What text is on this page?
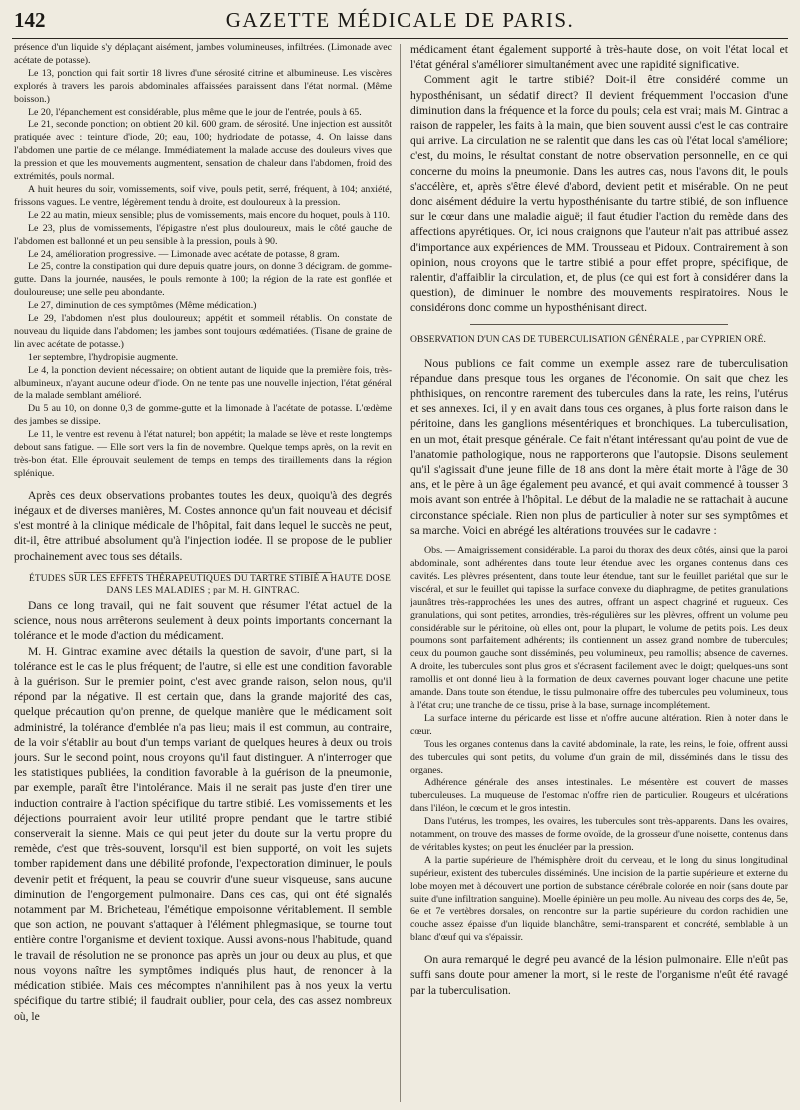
142	GAZETTE MÉDICALE DE PARIS.

présence d'un liquide s'y déplaçant aisément, jambes volumineuses, infiltrées. (Limonade avec acétate de potasse).

Le 13, ponction qui fait sortir 18 livres d'une sérosité citrine et albumineuse. Les viscères explorés à travers les parois abdominales affaissées paraissent dans l'état normal. (Même boisson.)

Le 20, l'épanchement est considérable, plus même que le jour de l'entrée, pouls à 65.

Le 21, seconde ponction; on obtient 20 kil. 600 gram. de sérosité. Une injection est aussitôt pratiquée avec : teinture d'iode, 20; eau, 100; hydriodate de potasse, 4. On laisse dans l'abdomen une partie de ce mélange. Immédiatement la malade accuse des douleurs vives que la pression et que les mouvements augmentent, sensation de chaleur dans l'abdomen, froid des extrémités, pouls normal.

A huit heures du soir, vomissements, soif vive, pouls petit, serré, fréquent, à 104; anxiété, frissons vagues. Le ventre, légèrement tendu à droite, est douloureux à la pression.

Le 22 au matin, mieux sensible; plus de vomissements, mais encore du hoquet, pouls à 110.

Le 23, plus de vomissements, l'épigastre n'est plus douloureux, mais le côté gauche de l'abdomen est ballonné et un peu sensible à la pression, pouls à 90.

Le 24, amélioration progressive. — Limonade avec acétate de potasse, 8 gram.

Le 25, contre la constipation qui dure depuis quatre jours, on donne 3 décigram. de gomme-gutte. Dans la journée, nausées, le pouls remonte à 100; la région de la rate est gonflée et douloureuse; une selle peu abondante.

Le 27, diminution de ces symptômes (Même médication.)

Le 29, l'abdomen n'est plus douloureux; appétit et sommeil rétablis. On constate de nouveau du liquide dans l'abdomen; les jambes sont toujours œdématiées. (Tisane de graine de lin avec acétate de potasse.)

1er septembre, l'hydropisie augmente.

Le 4, la ponction devient nécessaire; on obtient autant de liquide que la première fois, très-albumineux, n'ayant aucune odeur d'iode. On ne tente pas une nouvelle injection, l'état général de la malade semblant amélioré.

Du 5 au 10, on donne 0,3 de gomme-gutte et la limonade à l'acétate de potasse. L'œdème des jambes se dissipe.

Le 11, le ventre est revenu à l'état naturel; bon appétit; la malade se lève et reste longtemps debout sans fatigue. — Elle sort vers la fin de novembre. Quelque temps après, on la revit en très-bon état. Elle éprouvait seulement de temps en temps des tiraillements dans la région splénique.

Après ces deux observations probantes toutes les deux, quoiqu'à des degrés inégaux et de diverses manières, M. Costes annonce qu'un fait nouveau et décisif s'est montré à la clinique médicale de l'hôpital, fait dans lequel le succès ne peut, dit-il, être attribué absolument qu'à l'injection iodée. Il se propose de le publier prochainement avec tous ses détails.

ÉTUDES SUR LES EFFETS THÉRAPEUTIQUES DU TARTRE STIBIÉ A HAUTE DOSE DANS LES MALADIES ; par M. H. GINTRAC.

Dans ce long travail, qui ne fait souvent que résumer l'état actuel de la science, nous nous arrêterons seulement à deux points importants concernant la tolérance et le mode d'action du médicament.

M. H. Gintrac examine avec détails la question de savoir, d'une part, si la tolérance est le cas le plus fréquent; de l'autre, si elle est une condition favorable à la guérison. Sur le premier point, c'est avec grande raison, selon nous, qu'il répond par la négative. Il est certain que, dans la grande majorité des cas, quelque précaution qu'on prenne, de quelque manière que le médicament soit administré, la tolérance d'emblée n'a pas lieu; mais il est commun, au contraire, de la voir s'établir au bout d'un temps variant de quelques heures à deux ou trois jours. Sur le second point, nous croyons qu'il faut distinguer. A n'interroger que les statistiques publiées, la condition favorable à la guérison de la pneumonie, par exemple, paraît être l'intolérance. Mais il ne serait pas juste d'en tirer une induction contraire à l'action spécifique du tartre stibié. Les vomissements et les déjections pourraient avoir leur utilité propre pendant que le tartre stibié conserverait la sienne. Mais ce qui peut jeter du doute sur la vertu propre du remède, c'est que très-souvent, lorsqu'il est bien supporté, on voit les sujets tomber rapidement dans une débilité profonde, l'expectoration diminuer, le pouls devenir petit et fréquent, la peau se couvrir d'une sueur visqueuse, sans aucune diminution de l'engorgement pulmonaire. Dans ces cas, qui ont été signalés notamment par M. Bricheteau, l'émétique empoisonne véritablement. Il semble que son action, ne pouvant s'attaquer à l'élément phlegmasique, se tourne tout entière contre l'organisme et devient toxique. Aussi avons-nous l'habitude, quand le travail de résolution ne se prononce pas après un jour ou deux au plus, et que nous voyons naître les symptômes indiqués plus haut, de renoncer à la médication stibiée. Mais ces mécomptes n'annihilent pas à nos yeux la vertu spécifique du tartre stibié; il faudrait oublier, pour cela, des cas assez nombreux où, le

médicament étant également supporté à très-haute dose, on voit l'état local et l'état général s'améliorer simultanément avec une rapidité significative.

Comment agit le tartre stibié? Doit-il être considéré comme un hyposthénisant, un sédatif direct? Il devient fréquemment l'occasion d'une diminution dans la fréquence et la force du pouls; cela est vrai; mais M. Gintrac a raison de rappeler, les faits à la main, que bien souvent aussi c'est le cas contraire qui arrive. La circulation ne se ralentit que dans les cas où l'état local s'améliore; c'est, du moins, le résultat constant de notre observation personnelle, en ce qui concerne du moins la pneumonie. Dans les autres cas, nous l'avons dit, le pouls s'accélère, et, après s'être élevé d'abord, devient petit et misérable. On ne peut donc aisément déduire la vertu hyposthénisante du tartre stibié, de son influence sur le cœur dans une maladie aiguë; il faut étudier l'action du remède dans des affections apyrétiques. Or, ici nous craignons que l'auteur n'ait pas attribué assez d'importance aux expériences de MM. Trousseau et Pidoux. Contrairement à son opinion, nous croyons que le tartre stibié a pour effet propre, spécifique, de ralentir, d'affaiblir la circulation, et, de plus (ce qui est fort à considérer dans la question), de diminuer le nombre des mouvements respiratoires. Nous le considérons donc comme un hyposthénisant direct.

OBSERVATION D'UN CAS DE TUBERCULISATION GÉNÉRALE , par CYPRIEN ORÉ.

Nous publions ce fait comme un exemple assez rare de tuberculisation répandue dans presque tous les organes de l'économie. On sait que chez les phthisiques, on rencontre rarement des tubercules dans la rate, les reins, l'utérus et ses annexes. Ici, il y en avait dans tous ces organes, à plus forte raison dans le péritoine, dans les ganglions mésentériques et bronchiques. La tuberculisation, en un mot, était presque générale. Ce fait n'étant intéressant qu'au point de vue de l'anatomie pathologique, nous ne rapporterons que l'autopsie. Disons seulement qu'il s'agissait d'une jeune fille de 18 ans dont la mère était morte à l'âge de 30 ans, et le père à un âge également peu avancé, et qui avait commencé à tousser 3 mois avant son entrée à l'hôpital. Le début de la maladie ne se rattachait à aucune circonstance spéciale. Rien non plus de particulier à noter sur ses symptômes et sa marche. Voici en abrégé les altérations trouvées sur le cadavre :

Obs. — Amaigrissement considérable. La paroi du thorax des deux côtés, ainsi que la paroi abdominale, sont adhérentes dans toute leur étendue avec les organes contenus dans ces cavités. Les plèvres présentent, dans toute leur étendue, tant sur le feuillet pariétal que sur le viscéral, et sur le feuillet qui tapisse la surface convexe du diaphragme, de petites granulations jaunâtres très-rapprochées les unes des autres, offrant un aspect chagriné et rugueux. Ces granulations, qui sont petites, arrondies, très-régulières sur les plèvres, offrent un volume peu considérable sur le péritoine, où elles ont, pour la plupart, le volume de petits pois. Les deux poumons sont parfaitement adhérents; ils contiennent un assez grand nombre de tubercules; ceux du poumon gauche sont disséminés, peu volumineux, peu ramollis; absence de cavernes. A droite, les tubercules sont plus gros et s'écrasent facilement avec le doigt; quelques-uns sont ramollis et ont donné lieu à la formation de deux cavernes pouvant loger chacune une petite amande. Dans toute son étendue, le tissu pulmonaire offre des tubercules peu volumineux, tous à l'état cru; une tranche de ce tissu, prise à la base, surnage incomplétement.

La surface interne du péricarde est lisse et n'offre aucune altération. Rien à noter dans le cœur.

Tous les organes contenus dans la cavité abdominale, la rate, les reins, le foie, offrent aussi des tubercules qui sont petits, du volume d'un grain de mil, disséminés dans le tissu des organes.

Adhérence générale des anses intestinales. Le mésentère est couvert de masses tuberculeuses. La muqueuse de l'estomac n'offre rien de particulier. Rougeurs et ulcérations dans l'iléon, le cœcum et le gros intestin.

Dans l'utérus, les trompes, les ovaires, les tubercules sont très-apparents. Dans les ovaires, notamment, on trouve des masses de forme ovoïde, de la grosseur d'une noisette, contenus dans de véritables kystes; on peut les énucléer par la pression.

A la partie supérieure de l'hémisphère droit du cerveau, et le long du sinus longitudinal supérieur, existent des tubercules disséminés. Une incision de la partie supérieure et externe du lobe moyen met à découvert une portion de substance cérébrale colorée en noir (sans doute par suite d'une infiltration sanguine). Moelle épinière un peu molle. Au niveau des corps des 4e, 5e, 6e et 7e vertèbres dorsales, on rencontre sur la partie supérieure du cordon rachidien une couche assez épaisse d'un liquide blanchâtre, semi-transparent et concrété, semblable à un blanc d'œuf qui va s'épaissir.

On aura remarqué le degré peu avancé de la lésion pulmonaire. Elle n'eût pas suffi sans doute pour amener la mort, si le reste de l'organisme n'eût été ravagé par la tuberculisation.
